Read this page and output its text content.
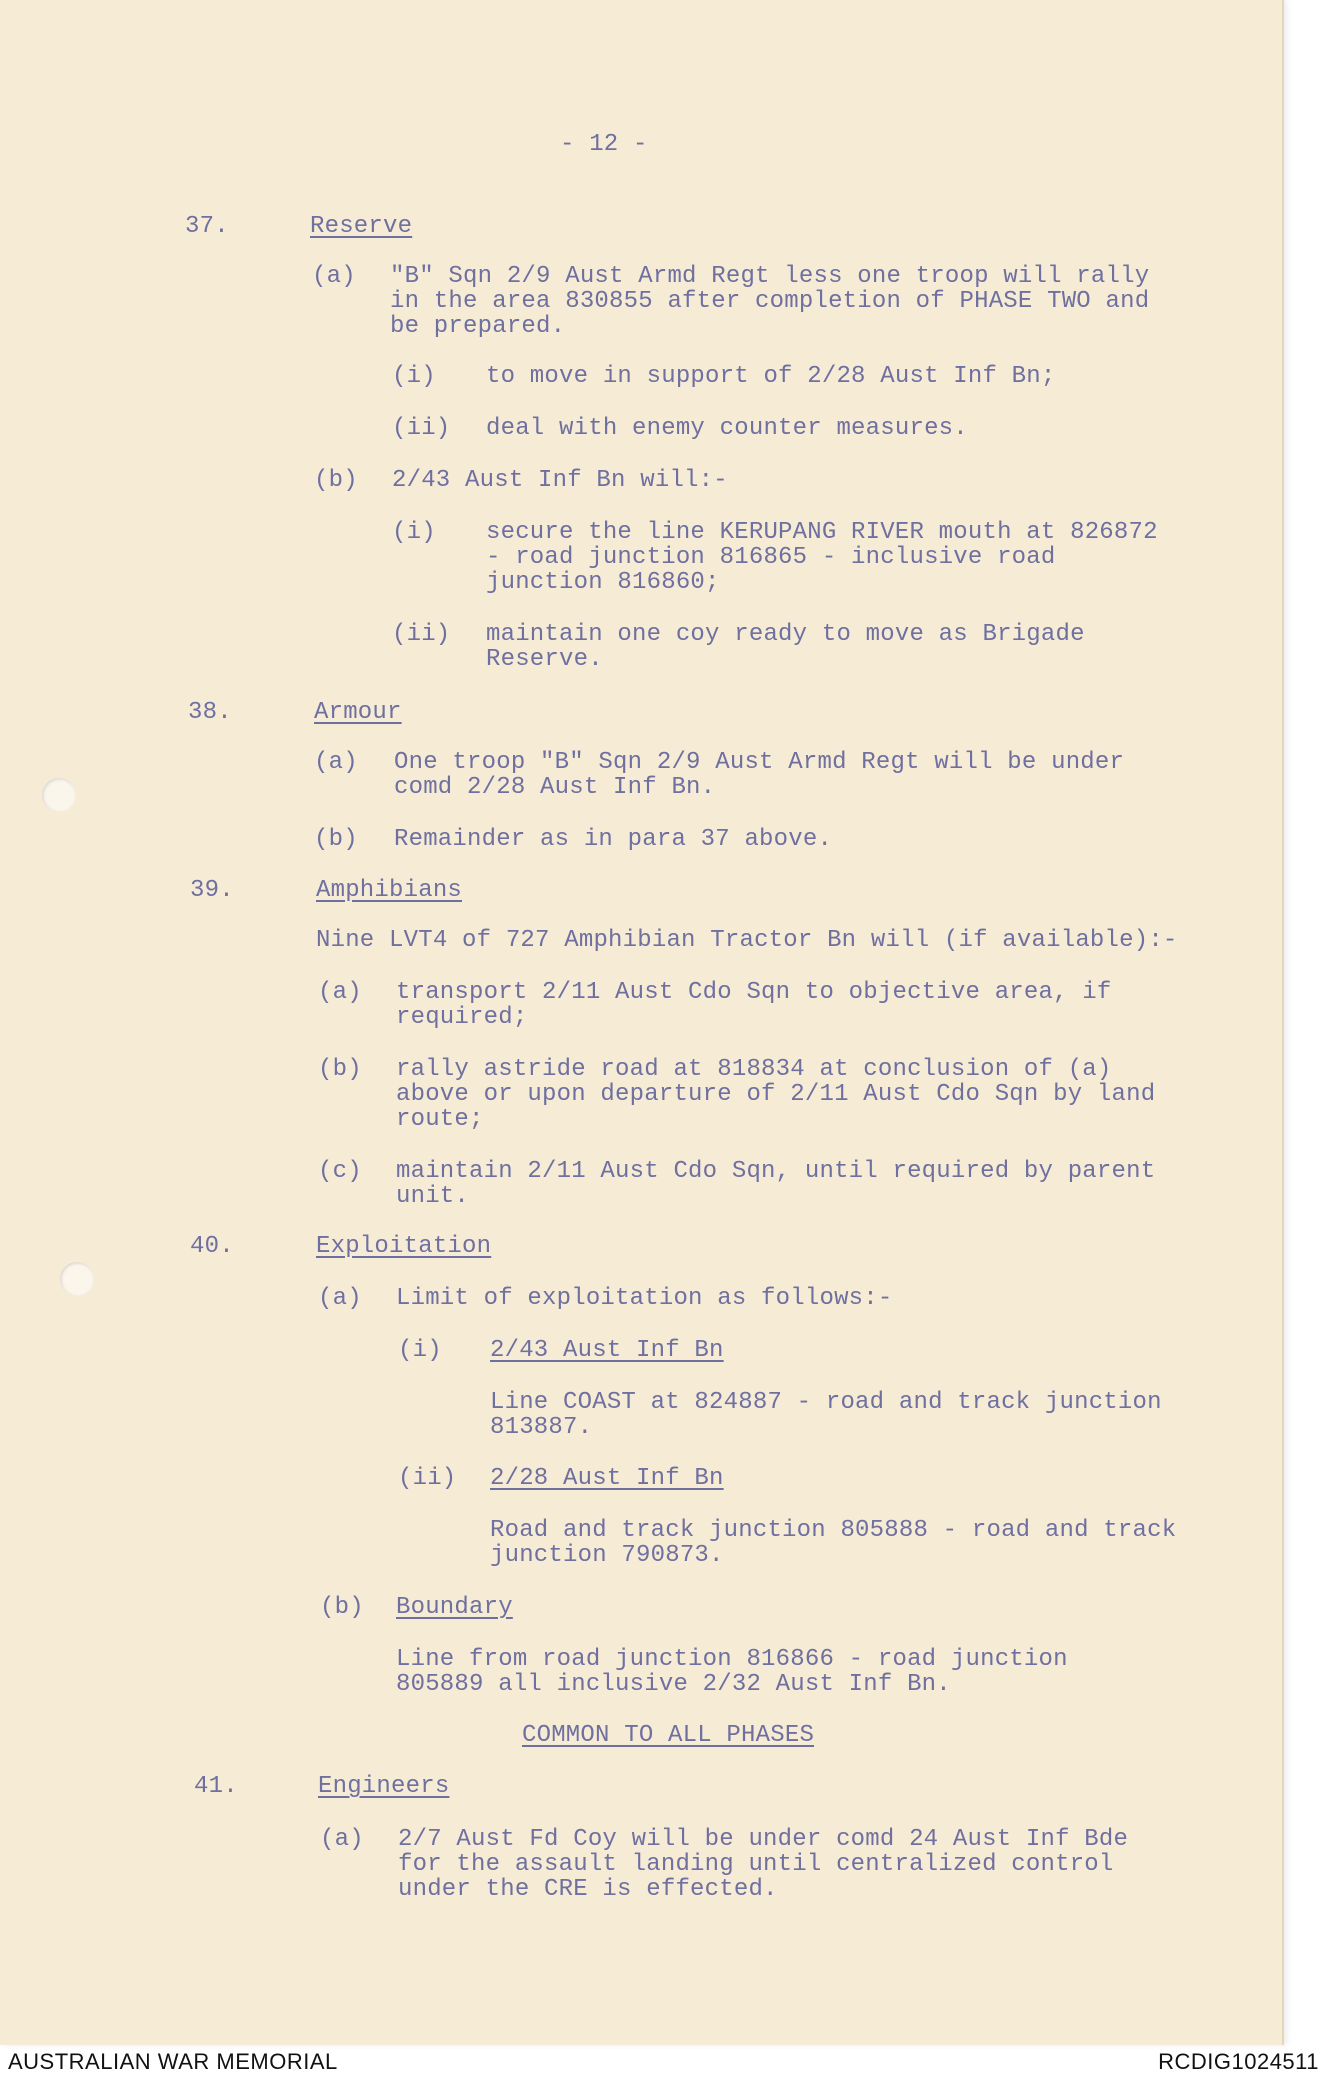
- 12 -
37.	Reserve
(a) "B" Sqn 2/9 Aust Armd Regt less one troop will rally
in the area 830855 after completion of PHASE TWO and
be prepared.
(i) to move in support of 2/28 Aust Inf Bn;
(ii) deal with enemy counter measures.
(b) 2/43 Aust Inf Bn will:-
(i) secure the line KERUPANG RIVER mouth at 826872
- road junction 816865 - inclusive road
junction 816860;
(ii) maintain one coy ready to move as Brigade
Reserve.
38.	Armour
(a) One troop "B" Sqn 2/9 Aust Armd Regt will be under
comd 2/28 Aust Inf Bn.
(b) Remainder as in para 37 above.
39.	Amphibians
Nine LVT4 of 727 Amphibian Tractor Bn will (if available):-
(a) transport 2/11 Aust Cdo Sqn to objective area, if
required;
(b) rally astride road at 818834 at conclusion of (a)
above or upon departure of 2/11 Aust Cdo Sqn by land
route;
(c) maintain 2/11 Aust Cdo Sqn, until required by parent
unit.
40.	Exploitation
(a) Limit of exploitation as follows:-
(i) 2/43 Aust Inf Bn
Line COAST at 824887 - road and track junction
813887.
(ii) 2/28 Aust Inf Bn
Road and track junction 805888 - road and track
junction 790873.
(b) Boundary
Line from road junction 816866 - road junction
805889 all inclusive 2/32 Aust Inf Bn.
COMMON TO ALL PHASES
41.	Engineers
(a) 2/7 Aust Fd Coy will be under comd 24 Aust Inf Bde
for the assault landing until centralized control
under the CRE is effected.
AUSTRALIAN WAR MEMORIAL	RCDIG1024511
